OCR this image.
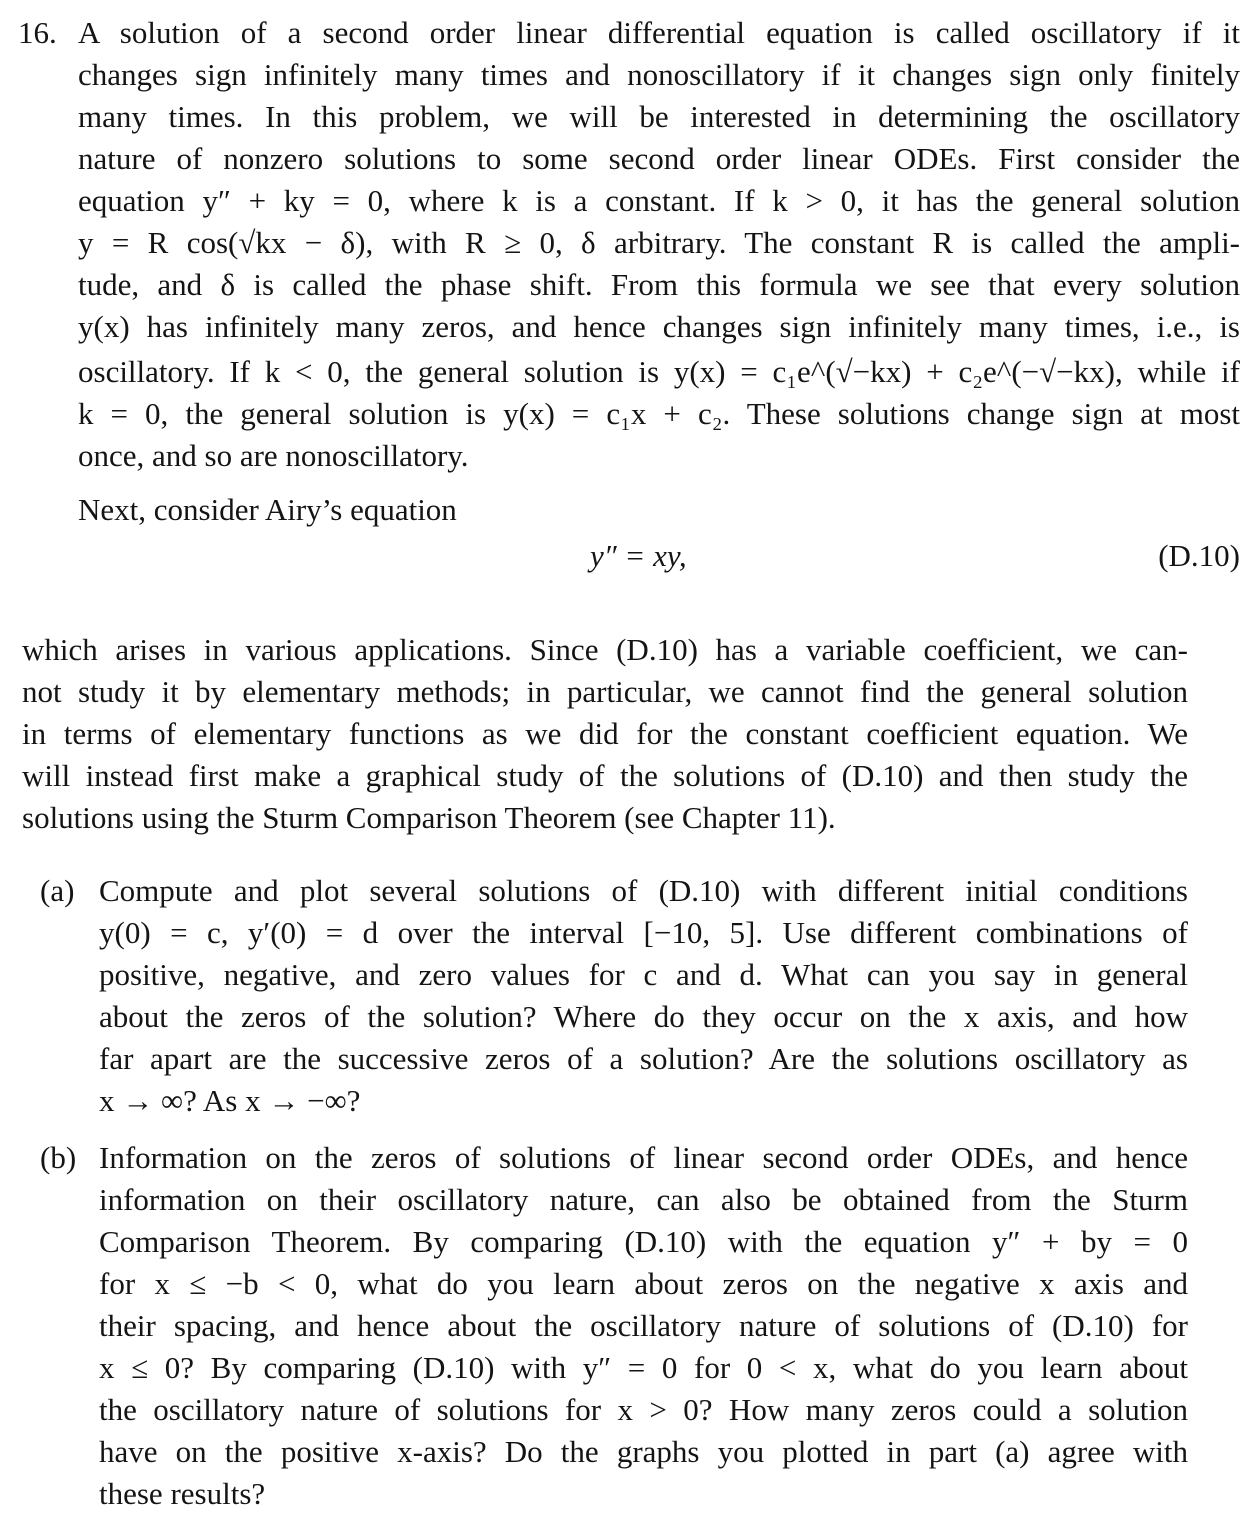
16. A solution of a second order linear differential equation is called oscillatory if it
changes sign infinitely many times and nonoscillatory if it changes sign only finitely
many times. In this problem, we will be interested in determining the oscillatory
nature of nonzero solutions to some second order linear ODEs. First consider the
equation y″ + ky = 0, where k is a constant. If k > 0, it has the general solution
y = R cos(√kx − δ), with R ≥ 0, δ arbitrary. The constant R is called the ampli-
tude, and δ is called the phase shift. From this formula we see that every solution
y(x) has infinitely many zeros, and hence changes sign infinitely many times, i.e., is
oscillatory. If k < 0, the general solution is y(x) = c₁e^(√−kx) + c₂e^(−√−kx), while if
k = 0, the general solution is y(x) = c₁x + c₂. These solutions change sign at most
once, and so are nonoscillatory.
Next, consider Airy’s equation
y″ = xy,	(D.10)
which arises in various applications. Since (D.10) has a variable coefficient, we can-
not study it by elementary methods; in particular, we cannot find the general solution
in terms of elementary functions as we did for the constant coefficient equation. We
will instead first make a graphical study of the solutions of (D.10) and then study the
solutions using the Sturm Comparison Theorem (see Chapter 11).
(a) Compute and plot several solutions of (D.10) with different initial conditions
y(0) = c, y′(0) = d over the interval [−10, 5]. Use different combinations of
positive, negative, and zero values for c and d. What can you say in general
about the zeros of the solution? Where do they occur on the x axis, and how
far apart are the successive zeros of a solution? Are the solutions oscillatory as
x → ∞? As x → −∞?
(b) Information on the zeros of solutions of linear second order ODEs, and hence
information on their oscillatory nature, can also be obtained from the Sturm
Comparison Theorem. By comparing (D.10) with the equation y″ + by = 0
for x ≤ −b < 0, what do you learn about zeros on the negative x axis and
their spacing, and hence about the oscillatory nature of solutions of (D.10) for
x ≤ 0? By comparing (D.10) with y″ = 0 for 0 < x, what do you learn about
the oscillatory nature of solutions for x > 0? How many zeros could a solution
have on the positive x-axis? Do the graphs you plotted in part (a) agree with
these results?
